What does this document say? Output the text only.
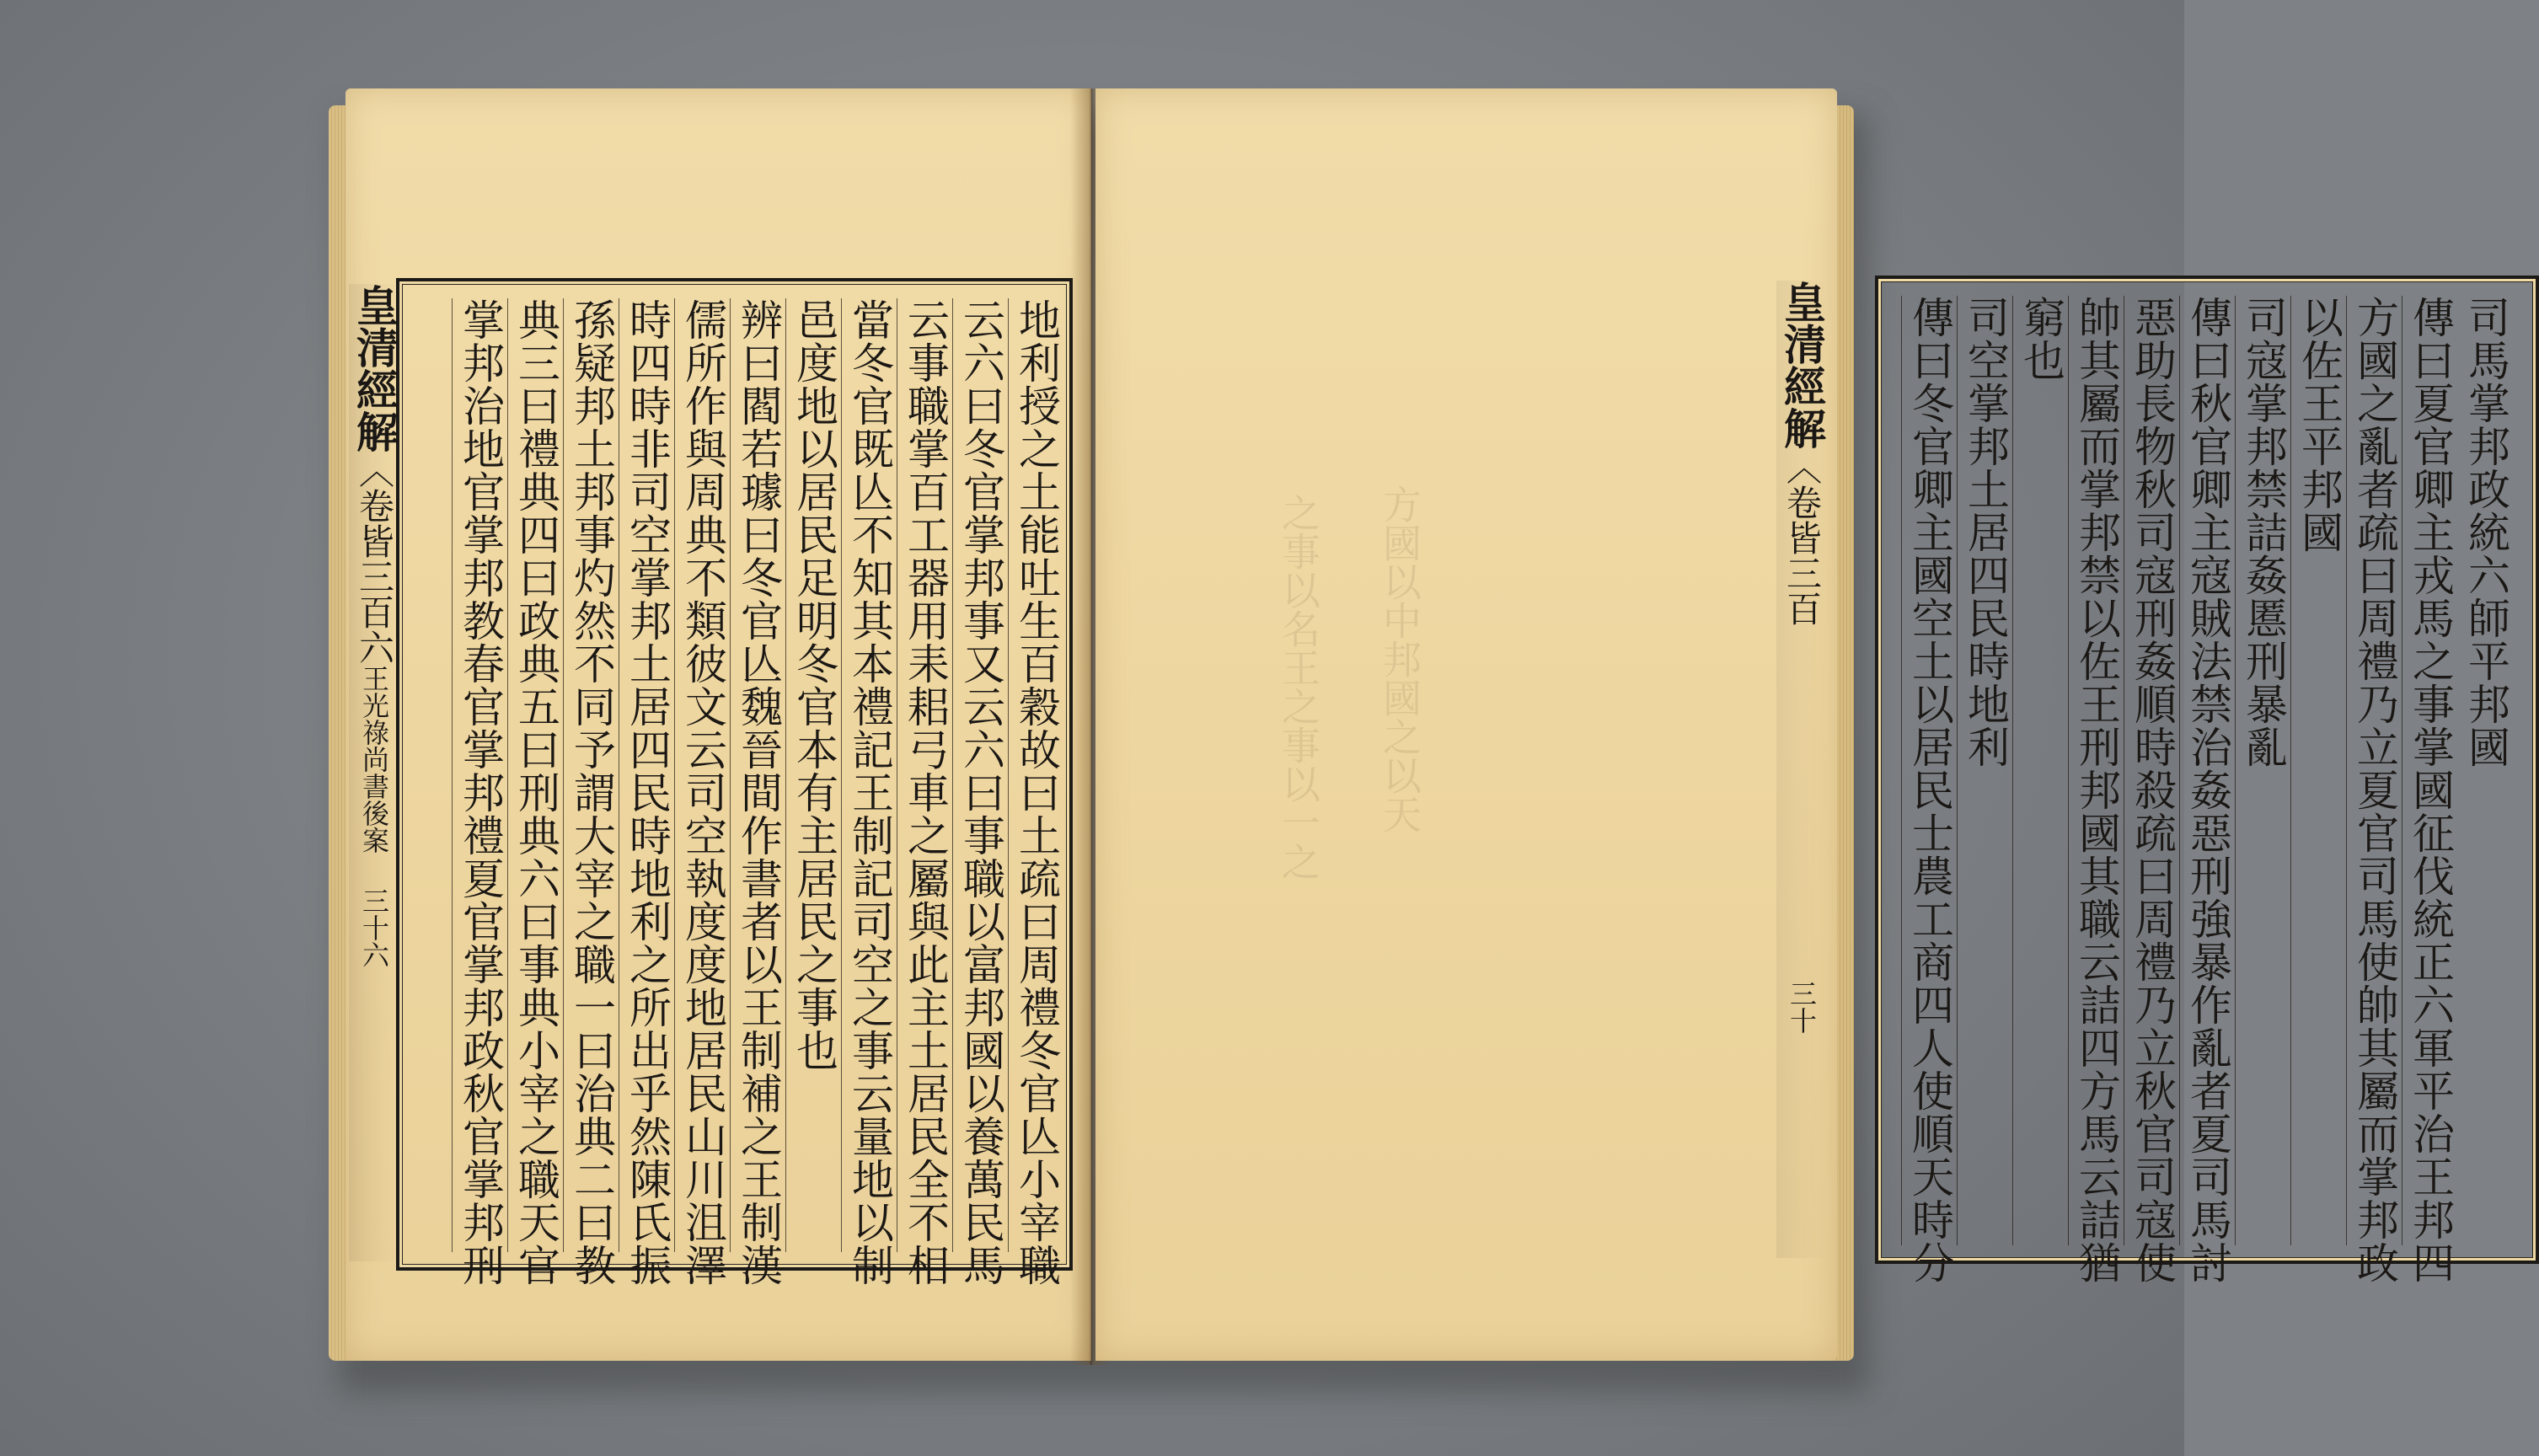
地利授之土能吐生百穀故曰土疏曰周禮冬官亾小宰職
云六曰冬官掌邦事又云六曰事職以富邦國以養萬民馬
云事職掌百工器用耒耜弓車之屬與此主土居民全不相
當冬官既亾不知其本禮記王制記司空之事云量地以制
邑度地以居民足明冬官本有主居民之事也
辨曰閻若璩曰冬官亾魏晉間作書者以王制補之王制漢
儒所作與周典不類彼文云司空執度度地居民山川沮澤
時四時非司空掌邦土居四民時地利之所出乎然陳氏振
孫疑邦土邦事灼然不同予謂大宰之職一曰治典二曰教
典三曰禮典四曰政典五曰刑典六曰事典小宰之職天官
掌邦治地官掌邦教春官掌邦禮夏官掌邦政秋官掌邦刑
皇清經解︿卷皆三百六王光祿尚書後案三十六
之事以名王之事以一之 方國以中邦國之以天	司馬掌邦政統六師平邦國
傳曰夏官卿主戎馬之事掌國征伐統正六軍平治王邦四
方國之亂者疏曰周禮乃立夏官司馬使帥其屬而掌邦政
以佐王平邦國
司寇掌邦禁詰姦慝刑暴亂
傳曰秋官卿主寇賊法禁治姦惡刑強暴作亂者夏司馬討
惡助長物秋司寇刑姦順時殺疏曰周禮乃立秋官司寇使
帥其屬而掌邦禁以佐王刑邦國其職云詰四方馬云詰猶
窮也
司空掌邦土居四民時地利
傳曰冬官卿主國空土以居民士農工商四人使順天時分
皇清經解︿卷皆三百三十
